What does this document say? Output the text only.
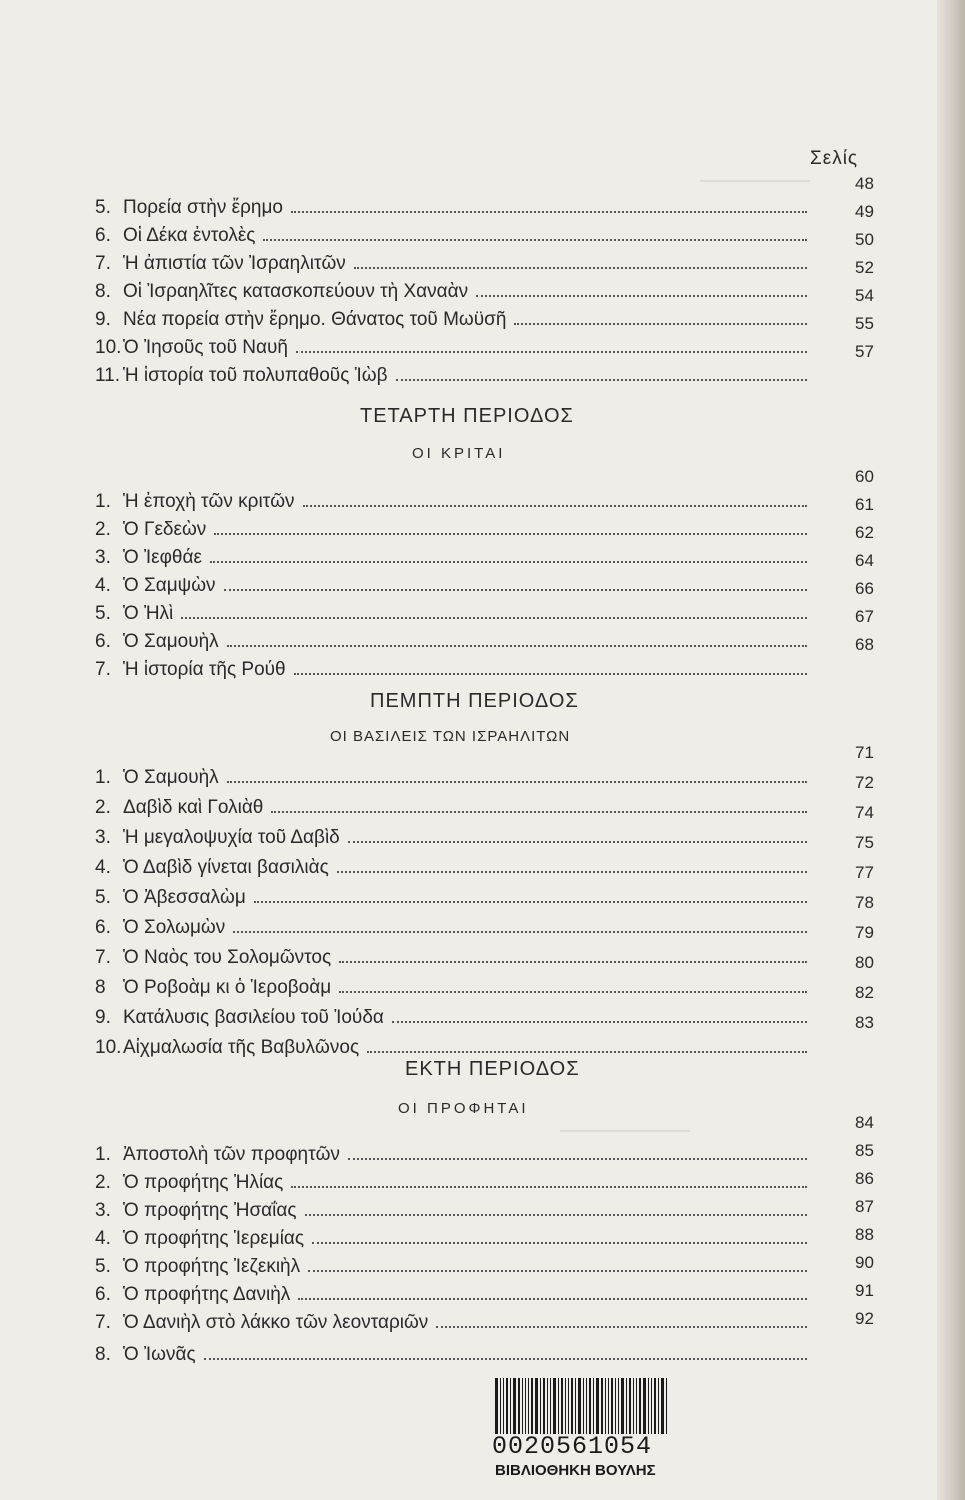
Σελίς
5. Πορεία στὴν ἔρημο
48
6. Οἱ Δέκα ἐντολὲς
49
7. Ἡ ἀπιστία τῶν Ἰσραηλιτῶν
50
8. Οἱ Ἰσραηλῖτες κατασκοπεύουν τὴ Χαναὰν
52
9. Νέα πορεία στὴν ἔρημο. Θάνατος τοῦ Μωϋσῆ
54
10. Ὁ Ἰησοῦς τοῦ Ναυῆ
55
11. Ἡ ἱστορία τοῦ πολυπαθοῦς Ἰὼβ
57
ΤΕΤΑΡΤΗ ΠΕΡΙΟΔΟΣ
ΟΙ ΚΡΙΤΑΙ
1. Ἡ ἐποχὴ τῶν κριτῶν
60
2. Ὁ Γεδεὼν
61
3. Ὁ Ἰεφθάε
62
4. Ὁ Σαμψὼν
64
5. Ὁ Ἠλὶ
66
6. Ὁ Σαμουὴλ
67
7. Ἡ ἱστορία τῆς Ρούθ
68
ΠΕΜΠΤΗ ΠΕΡΙΟΔΟΣ
ΟΙ ΒΑΣΙΛΕΙΣ ΤΩΝ ΙΣΡΑΗΛΙΤΩΝ
1. Ὁ Σαμουὴλ
71
2. Δαβὶδ καὶ Γολιὰθ
72
3. Ἡ μεγαλοψυχία τοῦ Δαβὶδ
74
4. Ὁ Δαβὶδ γίνεται βασιλιὰς
75
5. Ὁ Ἀβεσσαλὼμ
77
6. Ὁ Σολωμὼν
78
7. Ὁ Ναὸς του Σολομῶντος
79
8 Ὁ Ροβοὰμ κι ὁ Ἱεροβοὰμ
80
9. Κατάλυσις βασιλείου τοῦ Ἰούδα
82
10. Αἰχμαλωσία τῆς Βαβυλῶνος
83
ΕΚΤΗ ΠΕΡΙΟΔΟΣ
ΟΙ ΠΡΟΦΗΤΑΙ
1. Ἀποστολὴ τῶν προφητῶν
84
2. Ὁ προφήτης Ἠλίας
85
3. Ὁ προφήτης Ἠσαΐας
86
4. Ὁ προφήτης Ἱερεμίας
87
5. Ὁ προφήτης Ἰεζεκιὴλ
88
6. Ὁ προφήτης Δανιὴλ
90
7. Ὁ Δανιὴλ στὸ λάκκο τῶν λεονταριῶν
91
8. Ὁ Ἰωνᾶς
92
0020561054
ΒΙΒΛΙΟΘΗΚΗ ΒΟΥΛΗΣ
